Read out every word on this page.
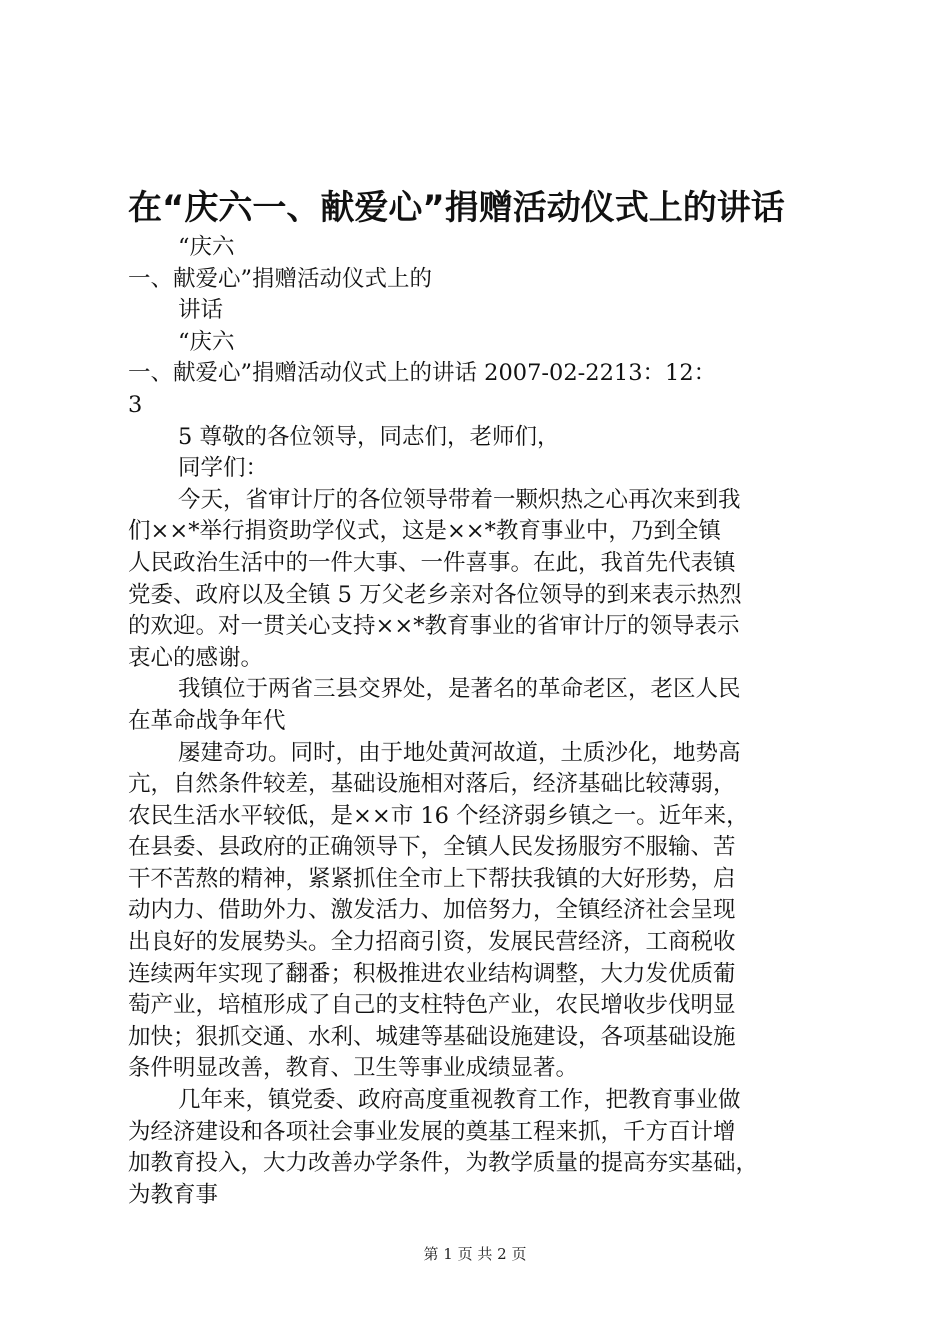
在“庆六一、献爱心”捐赠活动仪式上的讲话
“庆六
一、献爱心”捐赠活动仪式上的
讲话
“庆六
一、献爱心”捐赠活动仪式上的讲话 2007-02-2213：12：
3
5 尊敬的各位领导，同志们，老师们，
同学们：
今天，省审计厅的各位领导带着一颗炽热之心再次来到我
们××*举行捐资助学仪式，这是××*教育事业中，乃到全镇
人民政治生活中的一件大事、一件喜事。在此，我首先代表镇
党委、政府以及全镇 5 万父老乡亲对各位领导的到来表示热烈
的欢迎。对一贯关心支持××*教育事业的省审计厅的领导表示
衷心的感谢。
我镇位于两省三县交界处，是著名的革命老区，老区人民
在革命战争年代
屡建奇功。同时，由于地处黄河故道，土质沙化，地势高
亢，自然条件较差，基础设施相对落后，经济基础比较薄弱，
农民生活水平较低，是××市 16 个经济弱乡镇之一。近年来，
在县委、县政府的正确领导下，全镇人民发扬服穷不服输、苦
干不苦熬的精神，紧紧抓住全市上下帮扶我镇的大好形势，启
动内力、借助外力、激发活力、加倍努力，全镇经济社会呈现
出良好的发展势头。全力招商引资，发展民营经济，工商税收
连续两年实现了翻番；积极推进农业结构调整，大力发优质葡
萄产业，培植形成了自己的支柱特色产业，农民增收步伐明显
加快；狠抓交通、水利、城建等基础设施建设，各项基础设施
条件明显改善，教育、卫生等事业成绩显著。
几年来，镇党委、政府高度重视教育工作，把教育事业做
为经济建设和各项社会事业发展的奠基工程来抓，千方百计增
加教育投入，大力改善办学条件，为教学质量的提高夯实基础，
为教育事
第 1 页 共 2 页
